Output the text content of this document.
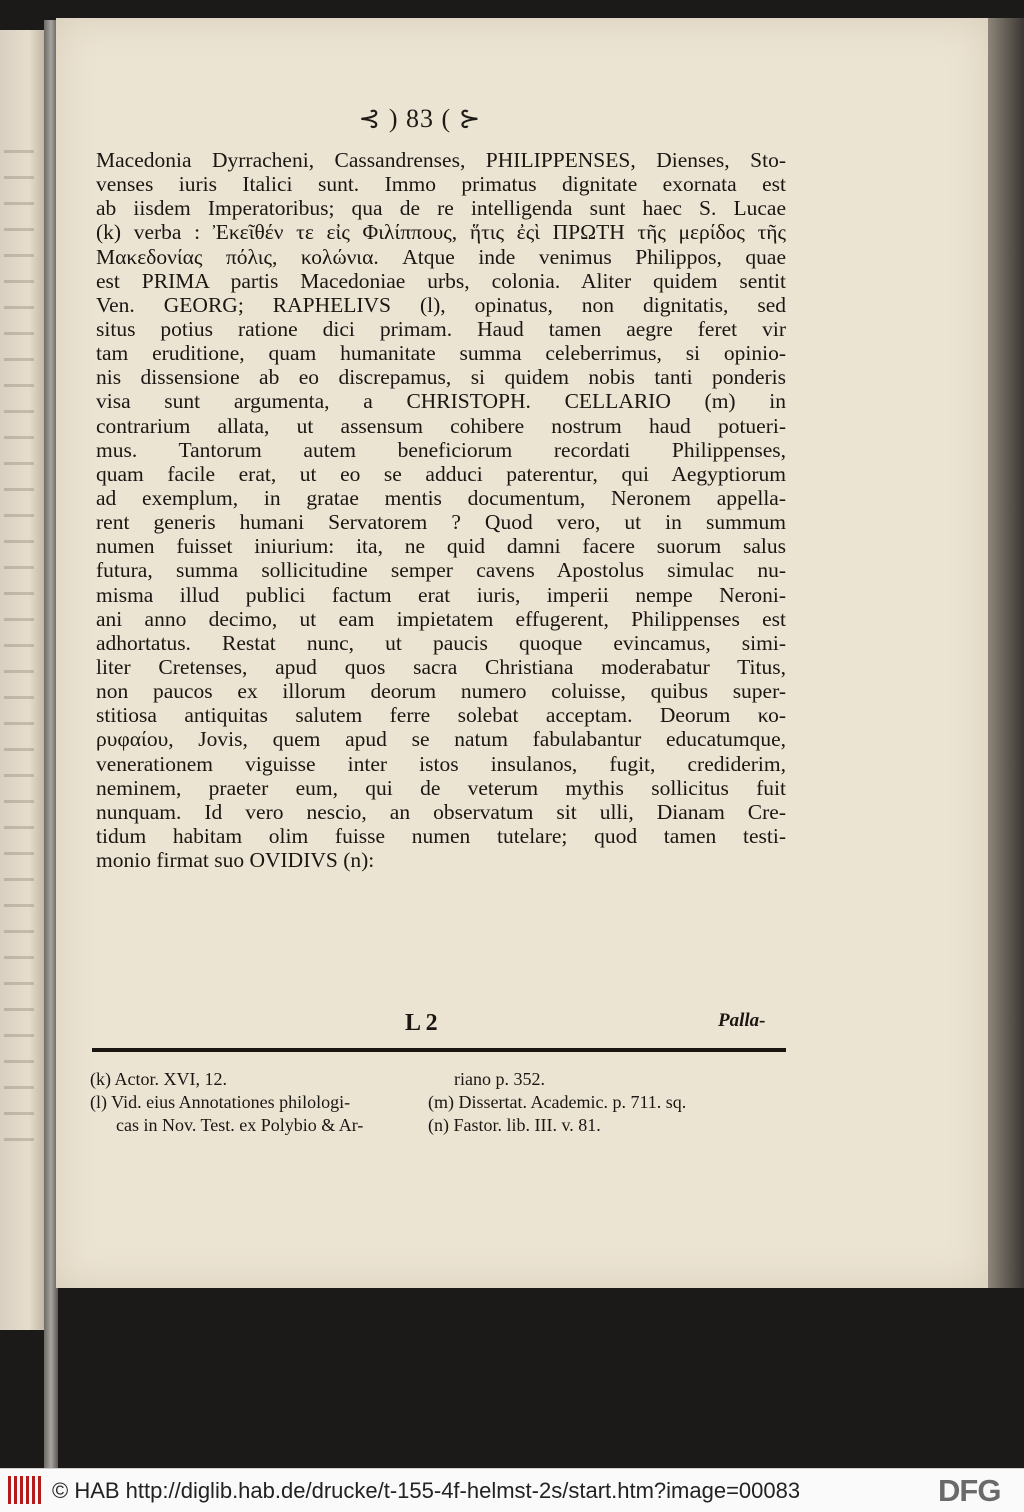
⊰ ) 83 ( ⊱
Macedonia Dyrracheni, Cassandrenses, PHILIPPENSES, Dienses, Sto-
venses iuris Italici sunt. Immo primatus dignitate exornata est
ab iisdem Imperatoribus; qua de re intelligenda sunt haec S. Lucae
(k) verba : Ἐκεῖθέν τε εἰς Φιλίππους, ἥτις ἐςὶ ΠΡΩΤΗ τῆς μερίδος τῆς
Μακεδονίας πόλις, κολώνια. Atque inde venimus Philippos, quae
est PRIMA partis Macedoniae urbs, colonia. Aliter quidem sentit
Ven. GEORG; RAPHELIVS (l), opinatus, non dignitatis, sed
situs potius ratione dici primam. Haud tamen aegre feret vir
tam eruditione, quam humanitate summa celeberrimus, si opinio-
nis dissensione ab eo discrepamus, si quidem nobis tanti ponderis
visa sunt argumenta, a CHRISTOPH. CELLARIO (m) in
contrarium allata, ut assensum cohibere nostrum haud potueri-
mus. Tantorum autem beneficiorum recordati Philippenses,
quam facile erat, ut eo se adduci paterentur, qui Aegyptiorum
ad exemplum, in gratae mentis documentum, Neronem appella-
rent generis humani Servatorem ? Quod vero, ut in summum
numen fuisset iniurium: ita, ne quid damni facere suorum salus
futura, summa sollicitudine semper cavens Apostolus simulac nu-
misma illud publici factum erat iuris, imperii nempe Neroni-
ani anno decimo, ut eam impietatem effugerent, Philippenses est
adhortatus. Restat nunc, ut paucis quoque evincamus, simi-
liter Cretenses, apud quos sacra Christiana moderabatur Titus,
non paucos ex illorum deorum numero coluisse, quibus super-
stitiosa antiquitas salutem ferre solebat acceptam. Deorum κο-
ρυφαίου, Jovis, quem apud se natum fabulabantur educatumque,
venerationem viguisse inter istos insulanos, fugit, crediderim,
neminem, praeter eum, qui de veterum mythis sollicitus fuit
nunquam. Id vero nescio, an observatum sit ulli, Dianam Cre-
tidum habitam olim fuisse numen tutelare; quod tamen testi-
monio firmat suo OVIDIVS (n):
L 2	Palla-
(k) Actor. XVI, 12.
(l) Vid. eius Annotationes philologi-
cas in Nov. Test. ex Polybio & Ar-
riano p. 352.
(m) Dissertat. Academic. p. 711. sq.
(n) Fastor. lib. III. v. 81.
© HAB http://diglib.hab.de/drucke/t-155-4f-helmst-2s/start.htm?image=00083	DFG
